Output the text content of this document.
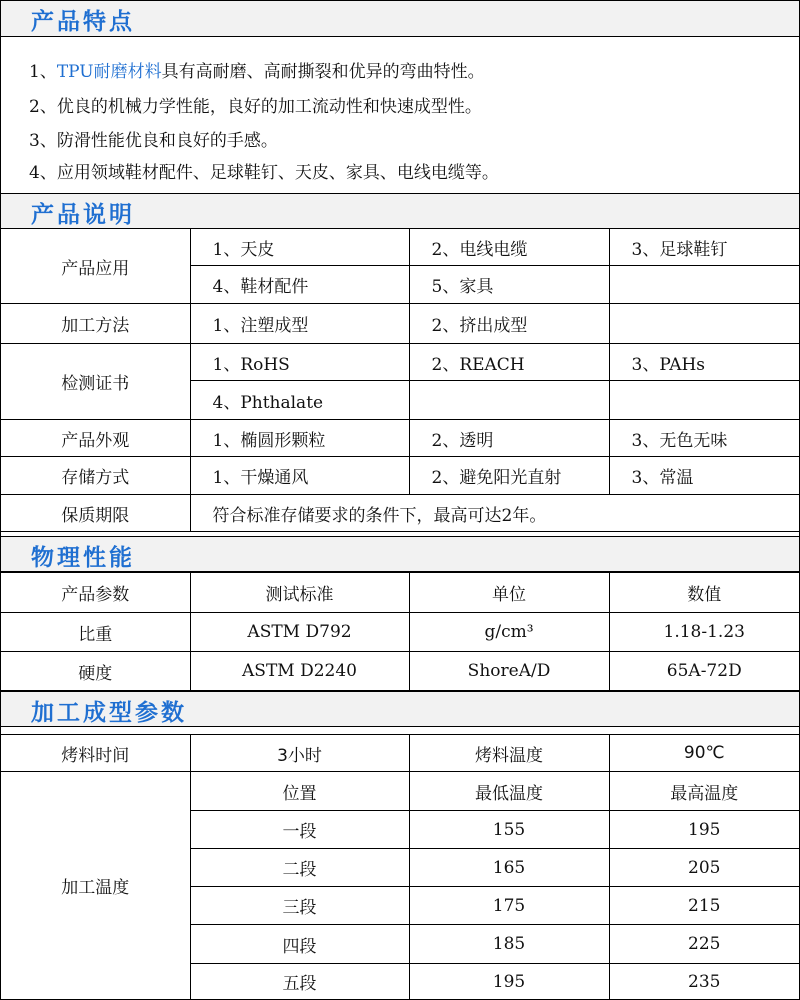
产品特点
1、TPU耐磨材料具有高耐磨、高耐撕裂和优异的弯曲特性。
2、优良的机械力学性能，良好的加工流动性和快速成型性。
3、防滑性能优良和良好的手感。
4、应用领域鞋材配件、足球鞋钉、天皮、家具、电线电缆等。
产品说明
产品应用	1、天皮	2、电线电缆	3、足球鞋钉
	4、鞋材配件	5、家具	
加工方法	1、注塑成型	2、挤出成型	
检测证书	1、RoHS	2、REACH	3、PAHs
	4、Phthalate		
产品外观	1、椭圆形颗粒	2、透明	3、无色无味
存储方式	1、干燥通风	2、避免阳光直射	3、常温
保质期限	符合标准存储要求的条件下，最高可达2年。		
物理性能
产品参数	测试标准	单位	数值
比重	ASTM D792	g/cm³	1.18-1.23
硬度	ASTM D2240	ShoreA/D	65A-72D
加工成型参数
烤料时间	3小时	烤料温度	90℃
加工温度	位置	最低温度	最高温度
	一段	155	195
	二段	165	205
	三段	175	215
	四段	185	225
	五段	195	235
